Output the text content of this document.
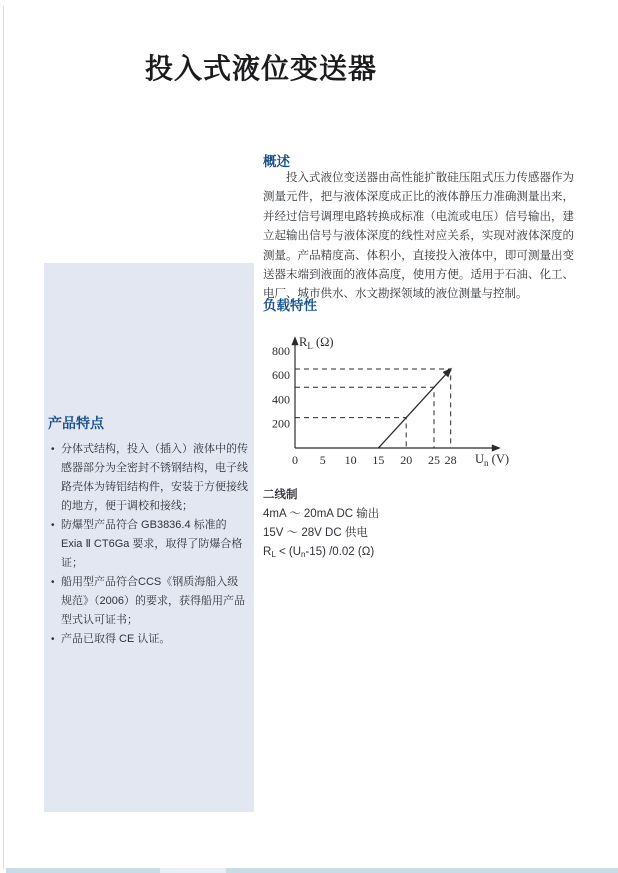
投入式液位变送器
产品特点
• 分体式结构，投入（插入）液体中的传感器部分为全密封不锈钢结构，电子线路壳体为铸铝结构件，安装于方便接线的地方，便于调校和接线；
• 防爆型产品符合 GB3836.4 标准的 Exia Ⅱ CT6Ga 要求，取得了防爆合格证；
• 船用型产品符合CCS《钢质海船入级规范》（2006）的要求，获得船用产品型式认可证书；
• 产品已取得 CE 认证。
概述

投入式液位变送器由高性能扩散硅压阻式压力传感器作为测量元件，把与液体深度成正比的液体静压力准确测量出来，并经过信号调理电路转换成标准（电流或电压）信号输出，建立起输出信号与液体深度的线性对应关系，实现对液体深度的测量。产品精度高、体积小，直接投入液体中，即可测量出变送器末端到液面的液体高度，使用方便。适用于石油、化工、电厂、城市供水、水文勘探领域的液位测量与控制。

负载特性
0 5 10 15 20 25 28
200
400
600
800
$R_L$ (Ω)
$U_n$ (V)
二线制
4mA ～ 20mA DC 输出
15V ～ 28V DC 供电
$R_L < (U_n-15)$ /0.02 (Ω)
